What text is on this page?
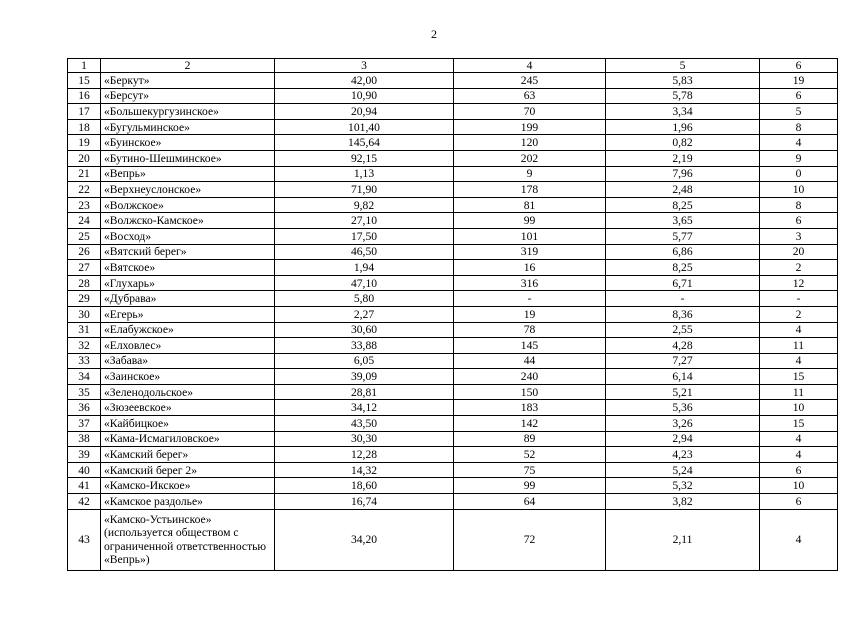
2
1	2	3	4	5	6
15	«Беркут»	42,00	245	5,83	19
16	«Берсут»	10,90	63	5,78	6
17	«Большекургузинское»	20,94	70	3,34	5
18	«Бугульминское»	101,40	199	1,96	8
19	«Буинское»	145,64	120	0,82	4
20	«Бутино-Шешминское»	92,15	202	2,19	9
21	«Вепрь»	1,13	9	7,96	0
22	«Верхнеуслонское»	71,90	178	2,48	10
23	«Волжское»	9,82	81	8,25	8
24	«Волжско-Камское»	27,10	99	3,65	6
25	«Восход»	17,50	101	5,77	3
26	«Вятский берег»	46,50	319	6,86	20
27	«Вятское»	1,94	16	8,25	2
28	«Глухарь»	47,10	316	6,71	12
29	«Дубрава»	5,80	-	-	-
30	«Егерь»	2,27	19	8,36	2
31	«Елабужское»	30,60	78	2,55	4
32	«Елховлес»	33,88	145	4,28	11
33	«Забава»	6,05	44	7,27	4
34	«Заинское»	39,09	240	6,14	15
35	«Зеленодольское»	28,81	150	5,21	11
36	«Зюзеевское»	34,12	183	5,36	10
37	«Кайбицкое»	43,50	142	3,26	15
38	«Кама-Исмагиловское»	30,30	89	2,94	4
39	«Камский берег»	12,28	52	4,23	4
40	«Камский берег 2»	14,32	75	5,24	6
41	«Камско-Икское»	18,60	99	5,32	10
42	«Камское раздолье»	16,74	64	3,82	6
43	«Камско-Устьинское» (используется обществом с ограниченной ответственностью «Вепрь»)	34,20	72	2,11	4
